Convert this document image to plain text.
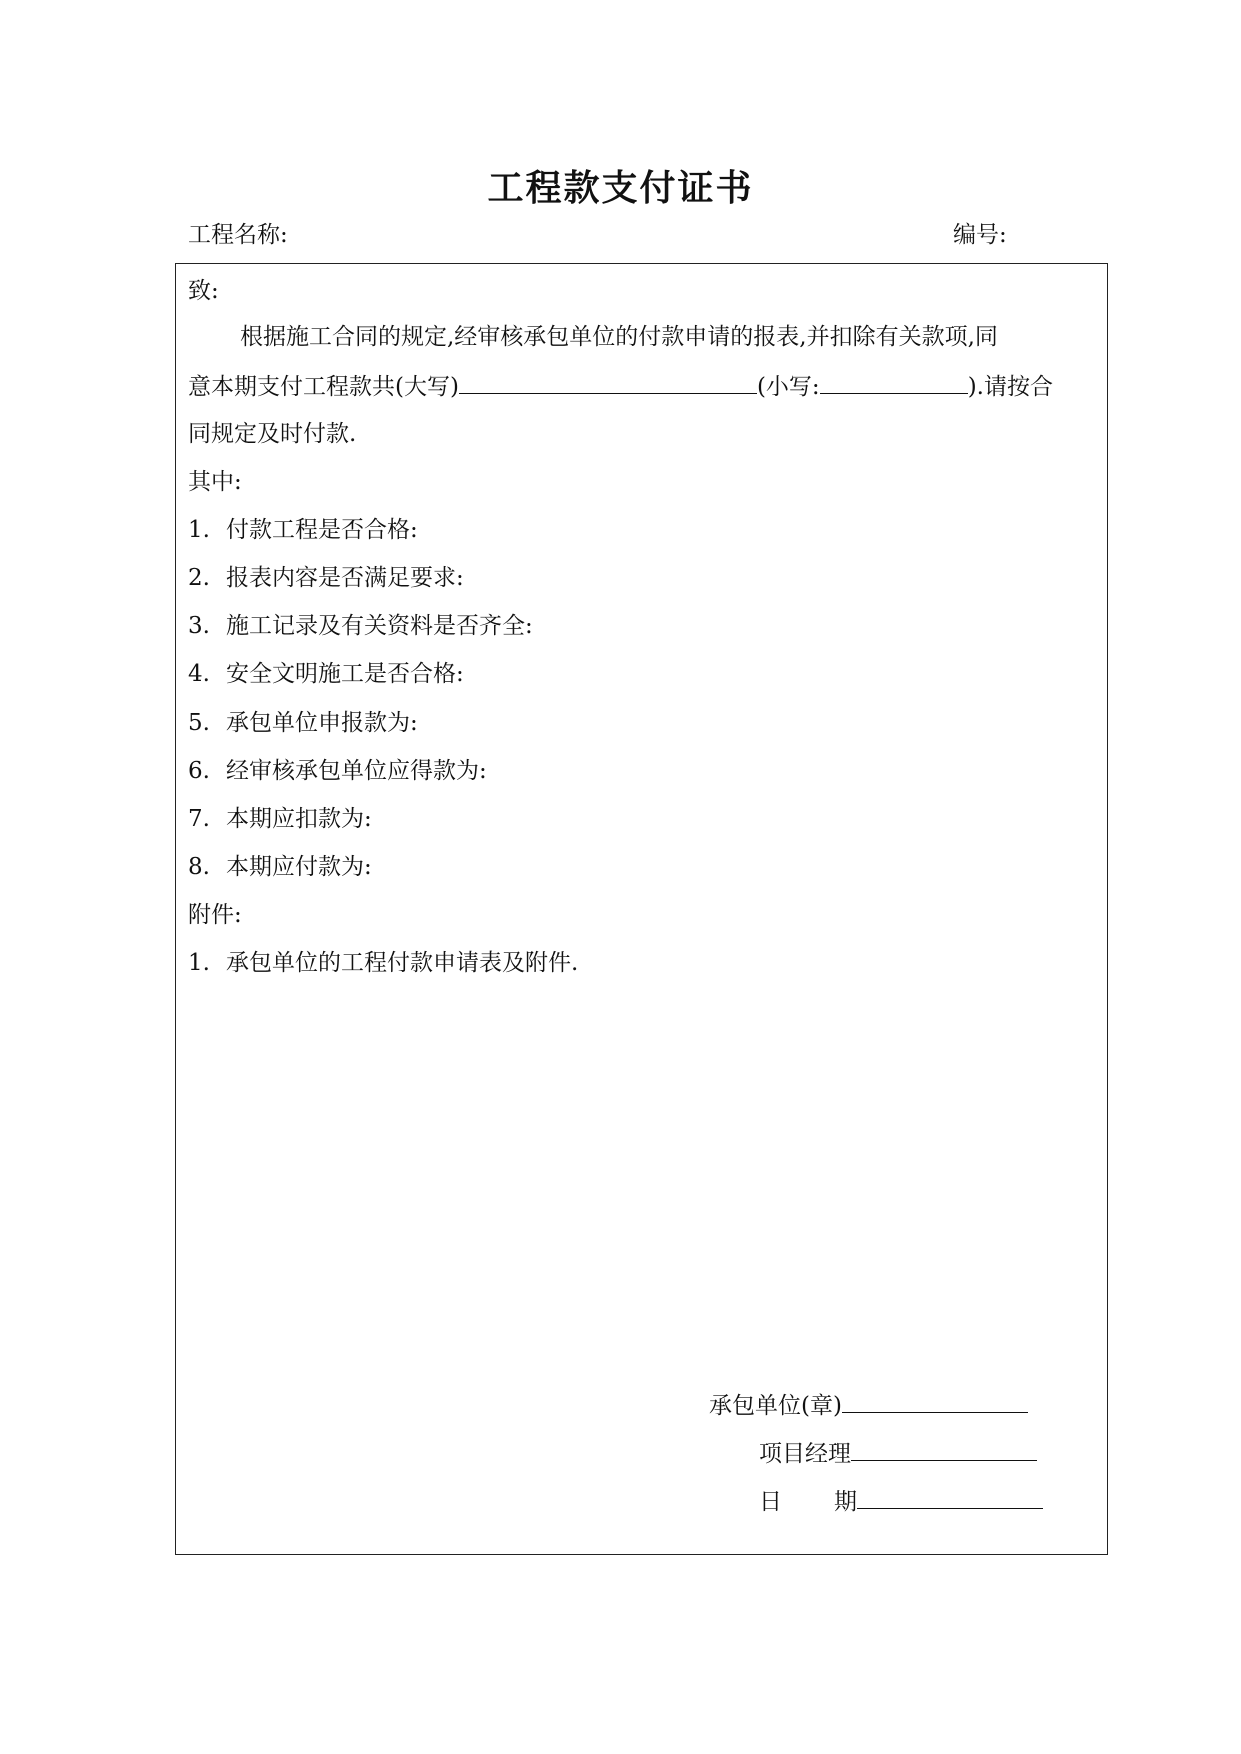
工程款支付证书
工程名称:	编号:
致:
根据施工合同的规定,经审核承包单位的付款申请的报表,并扣除有关款项,同
意本期支付工程款共(大写)	(小写:	).请按合
同规定及时付款.
其中:
1. 付款工程是否合格:
2. 报表内容是否满足要求:
3. 施工记录及有关资料是否齐全:
4. 安全文明施工是否合格:
5. 承包单位申报款为:
6. 经审核承包单位应得款为:
7. 本期应扣款为:
8. 本期应付款为:
附件:
1. 承包单位的工程付款申请表及附件.
承包单位(章)
项目经理
日 期
